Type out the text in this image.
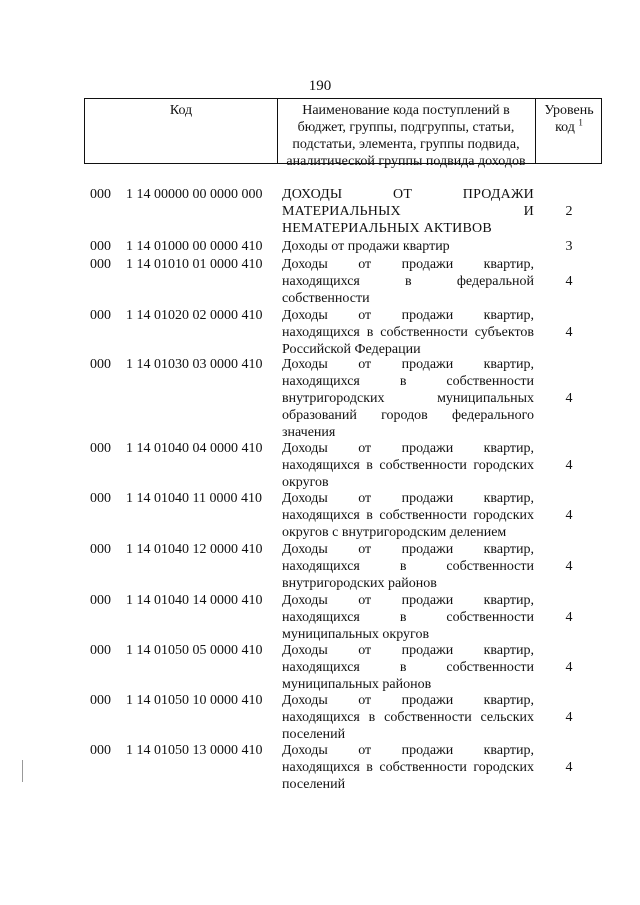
190
Код	Наименование кода поступлений в
бюджет, группы, подгруппы, статьи,
подстатьи, элемента, группы подвида,
аналитической группы подвида доходов
Уровень
код $^1$
000 1 14 00000 00 0000 000 ДОХОДЫ ОТ ПРОДАЖИ
МАТЕРИАЛЬНЫХ И
НЕМАТЕРИАЛЬНЫХ АКТИВОВ
2
000 1 14 01000 00 0000 410 Доходы от продажи квартир	3
000 1 14 01010 01 0000 410 Доходы от продажи квартир,
находящихся в федеральной
собственности
4
000 1 14 01020 02 0000 410 Доходы от продажи квартир,
находящихся в собственности субъектов
Российской Федерации
4
000 1 14 01030 03 0000 410 Доходы от продажи квартир,
находящихся в собственности
внутригородских муниципальных
образований городов федерального
значения
4
000 1 14 01040 04 0000 410 Доходы от продажи квартир,
находящихся в собственности городских
округов
4
000 1 14 01040 11 0000 410 Доходы от продажи квартир,
находящихся в собственности городских
округов с внутригородским делением
4
000 1 14 01040 12 0000 410 Доходы от продажи квартир,
находящихся в собственности
внутригородских районов
4
000 1 14 01040 14 0000 410 Доходы от продажи квартир,
находящихся в собственности
муниципальных округов
4
000 1 14 01050 05 0000 410 Доходы от продажи квартир,
находящихся в собственности
муниципальных районов
4
000 1 14 01050 10 0000 410 Доходы от продажи квартир,
находящихся в собственности сельских
поселений
4
000 1 14 01050 13 0000 410 Доходы от продажи квартир,
находящихся в собственности городских
поселений
4
